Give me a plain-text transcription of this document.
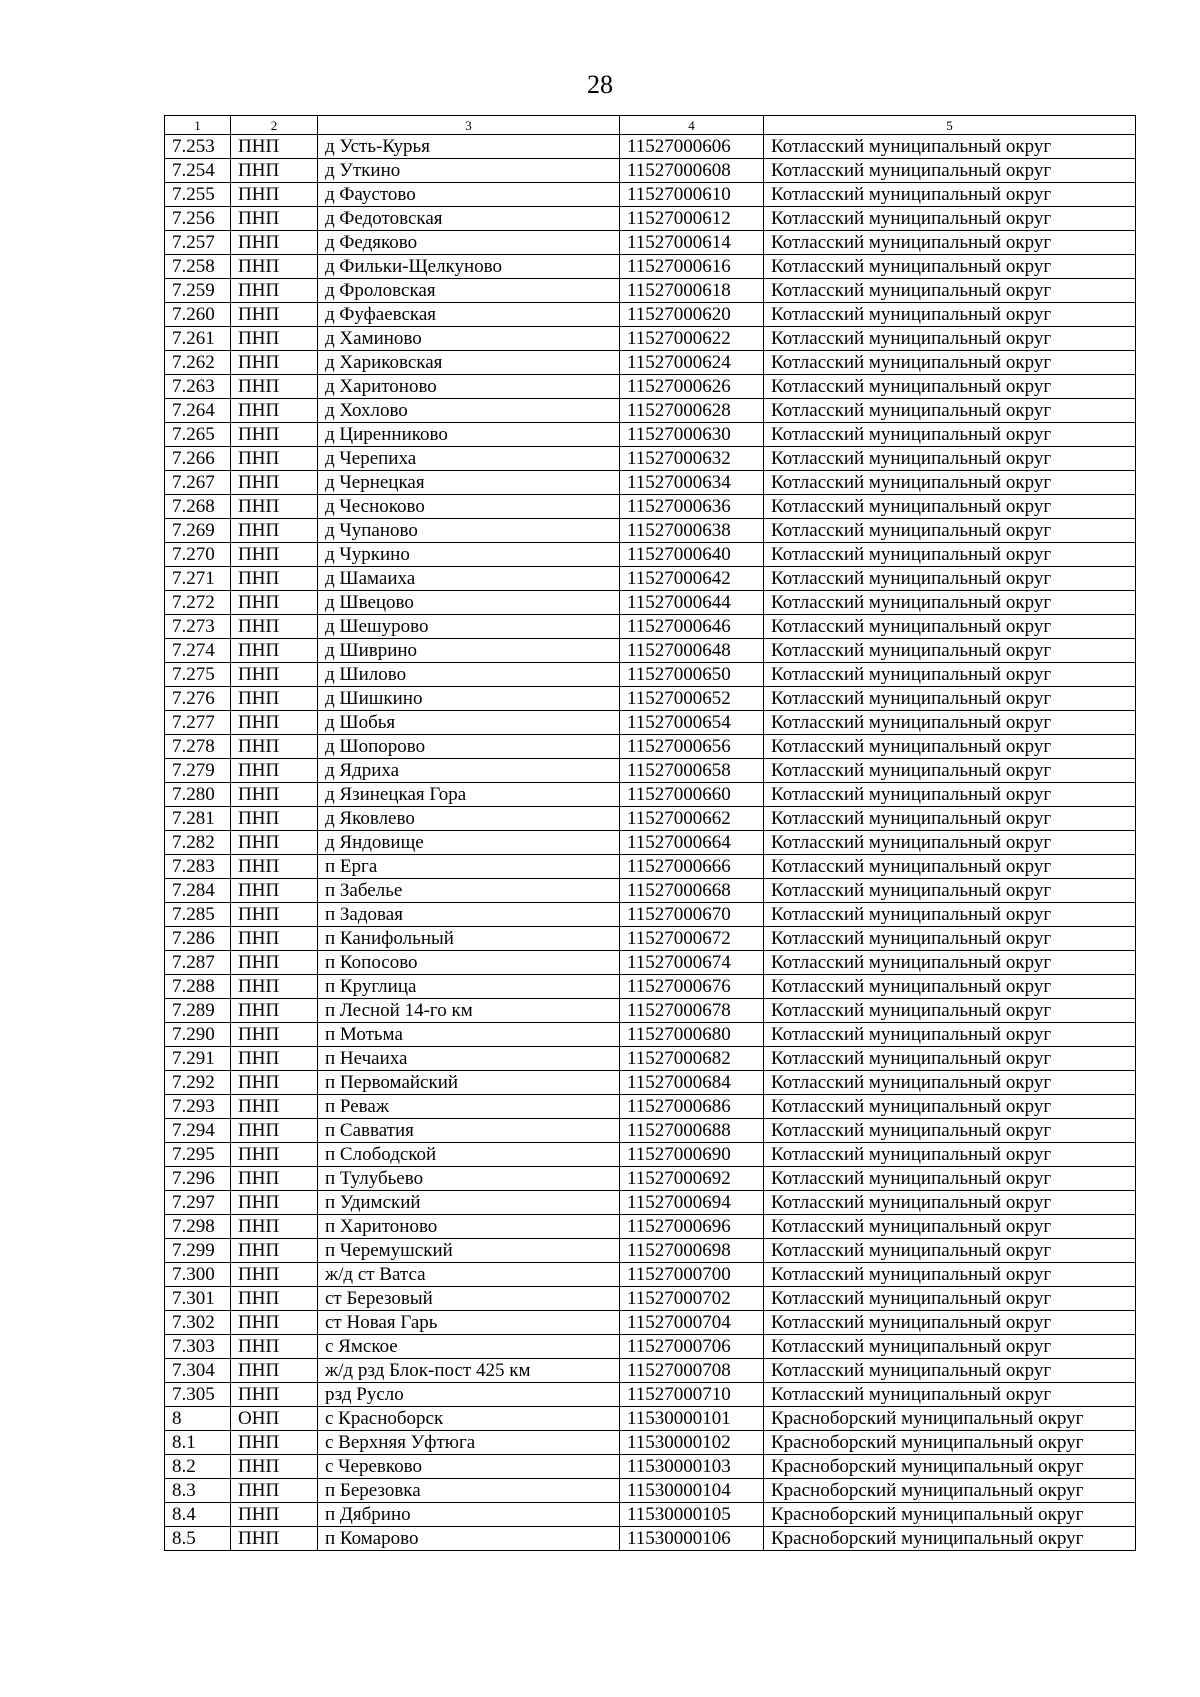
28
1	2	3	4	5
7.253	ПНП	д Усть-Курья	11527000606	Котласский муниципальный округ
7.254	ПНП	д Уткино	11527000608	Котласский муниципальный округ
7.255	ПНП	д Фаустово	11527000610	Котласский муниципальный округ
7.256	ПНП	д Федотовская	11527000612	Котласский муниципальный округ
7.257	ПНП	д Федяково	11527000614	Котласский муниципальный округ
7.258	ПНП	д Фильки-Щелкуново	11527000616	Котласский муниципальный округ
7.259	ПНП	д Фроловская	11527000618	Котласский муниципальный округ
7.260	ПНП	д Фуфаевская	11527000620	Котласский муниципальный округ
7.261	ПНП	д Хаминово	11527000622	Котласский муниципальный округ
7.262	ПНП	д Хариковская	11527000624	Котласский муниципальный округ
7.263	ПНП	д Харитоново	11527000626	Котласский муниципальный округ
7.264	ПНП	д Хохлово	11527000628	Котласский муниципальный округ
7.265	ПНП	д Циренниково	11527000630	Котласский муниципальный округ
7.266	ПНП	д Черепиха	11527000632	Котласский муниципальный округ
7.267	ПНП	д Чернецкая	11527000634	Котласский муниципальный округ
7.268	ПНП	д Чесноково	11527000636	Котласский муниципальный округ
7.269	ПНП	д Чупаново	11527000638	Котласский муниципальный округ
7.270	ПНП	д Чуркино	11527000640	Котласский муниципальный округ
7.271	ПНП	д Шамаиха	11527000642	Котласский муниципальный округ
7.272	ПНП	д Швецово	11527000644	Котласский муниципальный округ
7.273	ПНП	д Шешурово	11527000646	Котласский муниципальный округ
7.274	ПНП	д Шиврино	11527000648	Котласский муниципальный округ
7.275	ПНП	д Шилово	11527000650	Котласский муниципальный округ
7.276	ПНП	д Шишкино	11527000652	Котласский муниципальный округ
7.277	ПНП	д Шобья	11527000654	Котласский муниципальный округ
7.278	ПНП	д Шопорово	11527000656	Котласский муниципальный округ
7.279	ПНП	д Ядриха	11527000658	Котласский муниципальный округ
7.280	ПНП	д Язинецкая Гора	11527000660	Котласский муниципальный округ
7.281	ПНП	д Яковлево	11527000662	Котласский муниципальный округ
7.282	ПНП	д Яндовище	11527000664	Котласский муниципальный округ
7.283	ПНП	п Ерга	11527000666	Котласский муниципальный округ
7.284	ПНП	п Забелье	11527000668	Котласский муниципальный округ
7.285	ПНП	п Задовая	11527000670	Котласский муниципальный округ
7.286	ПНП	п Канифольный	11527000672	Котласский муниципальный округ
7.287	ПНП	п Копосово	11527000674	Котласский муниципальный округ
7.288	ПНП	п Круглица	11527000676	Котласский муниципальный округ
7.289	ПНП	п Лесной 14-го км	11527000678	Котласский муниципальный округ
7.290	ПНП	п Мотьма	11527000680	Котласский муниципальный округ
7.291	ПНП	п Нечаиха	11527000682	Котласский муниципальный округ
7.292	ПНП	п Первомайский	11527000684	Котласский муниципальный округ
7.293	ПНП	п Реваж	11527000686	Котласский муниципальный округ
7.294	ПНП	п Савватия	11527000688	Котласский муниципальный округ
7.295	ПНП	п Слободской	11527000690	Котласский муниципальный округ
7.296	ПНП	п Тулубьево	11527000692	Котласский муниципальный округ
7.297	ПНП	п Удимский	11527000694	Котласский муниципальный округ
7.298	ПНП	п Харитоново	11527000696	Котласский муниципальный округ
7.299	ПНП	п Черемушский	11527000698	Котласский муниципальный округ
7.300	ПНП	ж/д ст Ватса	11527000700	Котласский муниципальный округ
7.301	ПНП	ст Березовый	11527000702	Котласский муниципальный округ
7.302	ПНП	ст Новая Гарь	11527000704	Котласский муниципальный округ
7.303	ПНП	с Ямское	11527000706	Котласский муниципальный округ
7.304	ПНП	ж/д рзд Блок-пост 425 км	11527000708	Котласский муниципальный округ
7.305	ПНП	рзд Русло	11527000710	Котласский муниципальный округ
8	ОНП	с Красноборск	11530000101	Красноборский муниципальный округ
8.1	ПНП	с Верхняя Уфтюга	11530000102	Красноборский муниципальный округ
8.2	ПНП	с Черевково	11530000103	Красноборский муниципальный округ
8.3	ПНП	п Березовка	11530000104	Красноборский муниципальный округ
8.4	ПНП	п Дябрино	11530000105	Красноборский муниципальный округ
8.5	ПНП	п Комарово	11530000106	Красноборский муниципальный округ
